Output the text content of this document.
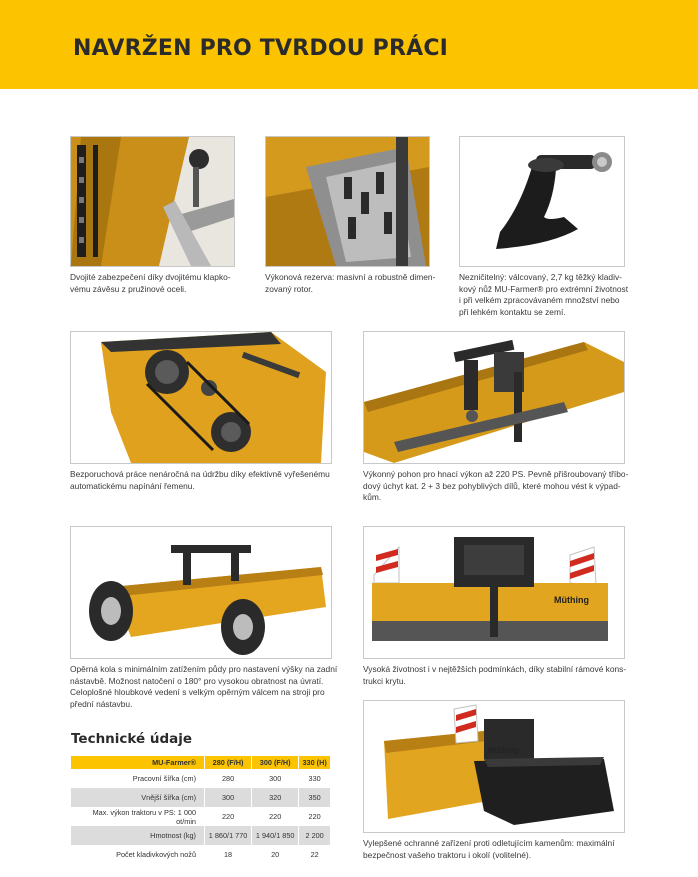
NAVRŽEN PRO TVRDOU PRÁCI
Dvojité zabezpečení díky dvojitému klapko-
vému závěsu z pružinové oceli.
Výkonová rezerva: masivní a robustně dimen-
zovaný rotor.
Nezničitelný: válcovaný, 2,7 kg těžký kladiv-
kový nůž MU-Farmer® pro extrémní životnost
i při velkém zpracovávaném množství nebo
při lehkém kontaktu se zemí.
Bezporuchová práce nenáročná na údržbu díky efektivně vyřešenému
automatickému napínání řemenu.
Výkonný pohon pro hnací výkon až 220 PS. Pevně přišroubovaný tříbo-
dový úchyt kat. 2 + 3 bez pohyblivých dílů, které mohou vést k výpad-
kům.
Opěrná kola s minimálním zatížením půdy pro nastavení výšky na zadní
nástavbě. Možnost natočení o 180° pro vysokou obratnost na úvratí.
Celoplošné hloubkové vedení s velkým opěrným válcem na stroji pro
přední nástavbu.
Müthing
Vysoká životnost i v nejtěžších podmínkách, díky stabilní rámové kons-
trukci krytu.
Technické údaje
MU-Farmer®	280 (F/H)	300 (F/H)	330 (H)
Pracovní šířka (cm)	280	300	330
Vnější šířka (cm)	300	320	350
Max. výkon traktoru v PS: 1 000 ot/min	220	220	220
Hmotnost (kg)	1 860/1 770	1 940/1 850	2 200
Počet kladivkových nožů	18	20	22
Müthing
Vylepšené ochranné zařízení proti odletujícím kamenům: maximální
bezpečnost vašeho traktoru i okolí (volitelné).
